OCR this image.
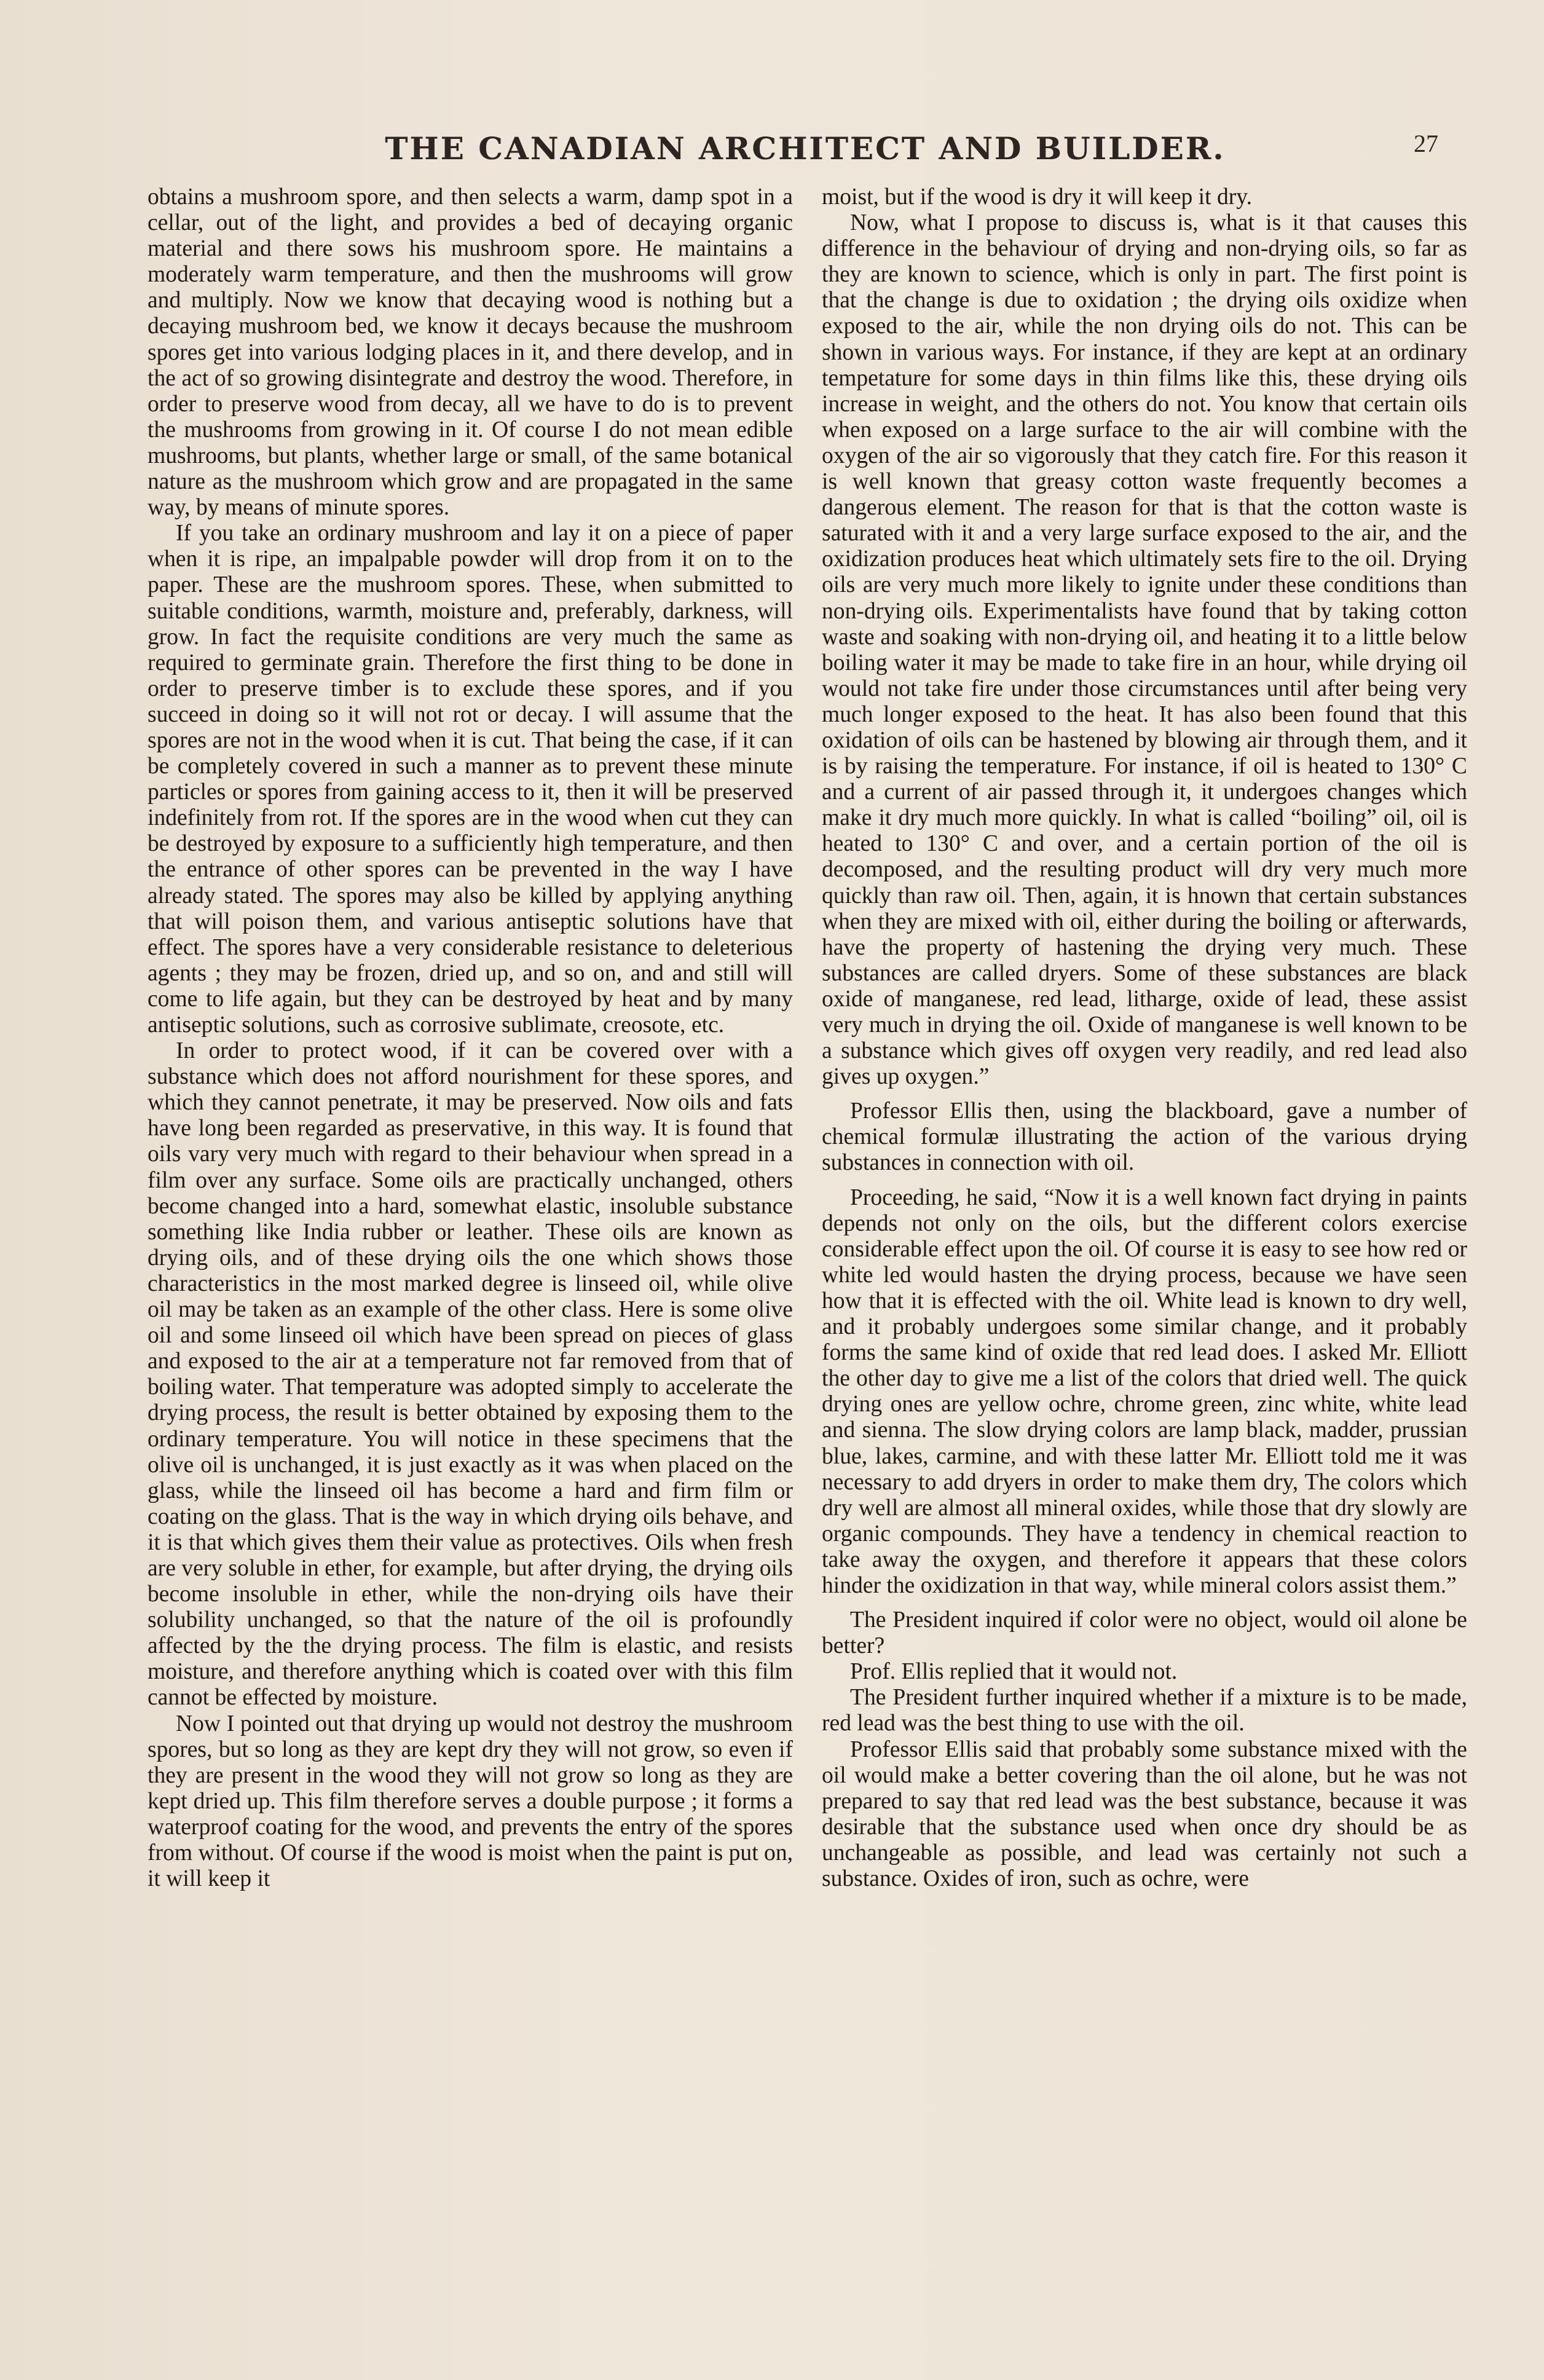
THE CANADIAN ARCHITECT AND BUILDER.	27

obtains a mushroom spore, and then selects a warm, damp spot in a cellar, out of the light, and provides a bed of decaying organic material and there sows his mushroom spore. He maintains a moderately warm temperature, and then the mushrooms will grow and multiply. Now we know that decaying wood is nothing but a decaying mushroom bed, we know it decays because the mushroom spores get into various lodging places in it, and there develop, and in the act of so growing disintegrate and destroy the wood. Therefore, in order to preserve wood from decay, all we have to do is to prevent the mushrooms from growing in it. Of course I do not mean edible mushrooms, but plants, whether large or small, of the same botanical nature as the mushroom which grow and are propagated in the same way, by means of minute spores.

If you take an ordinary mushroom and lay it on a piece of paper when it is ripe, an impalpable powder will drop from it on to the paper. These are the mushroom spores. These, when submitted to suitable conditions, warmth, moisture and, preferably, darkness, will grow. In fact the requisite conditions are very much the same as required to germinate grain. Therefore the first thing to be done in order to preserve timber is to exclude these spores, and if you succeed in doing so it will not rot or decay. I will assume that the spores are not in the wood when it is cut. That being the case, if it can be completely covered in such a manner as to prevent these minute particles or spores from gaining access to it, then it will be preserved indefinitely from rot. If the spores are in the wood when cut they can be destroyed by exposure to a sufficiently high temperature, and then the entrance of other spores can be prevented in the way I have already stated. The spores may also be killed by applying anything that will poison them, and various antiseptic solutions have that effect. The spores have a very considerable resistance to deleterious agents ; they may be frozen, dried up, and so on, and and still will come to life again, but they can be destroyed by heat and by many antiseptic solutions, such as corrosive sublimate, creosote, etc.

In order to protect wood, if it can be covered over with a substance which does not afford nourishment for these spores, and which they cannot penetrate, it may be preserved. Now oils and fats have long been regarded as preservative, in this way. It is found that oils vary very much with regard to their behaviour when spread in a film over any surface. Some oils are practically unchanged, others become changed into a hard, somewhat elastic, insoluble substance something like India rubber or leather. These oils are known as drying oils, and of these drying oils the one which shows those characteristics in the most marked degree is linseed oil, while olive oil may be taken as an example of the other class. Here is some olive oil and some linseed oil which have been spread on pieces of glass and exposed to the air at a temperature not far removed from that of boiling water. That temperature was adopted simply to accelerate the drying process, the result is better obtained by exposing them to the ordinary temperature. You will notice in these specimens that the olive oil is unchanged, it is just exactly as it was when placed on the glass, while the linseed oil has become a hard and firm film or coating on the glass. That is the way in which drying oils behave, and it is that which gives them their value as protectives. Oils when fresh are very soluble in ether, for example, but after drying, the drying oils become insoluble in ether, while the non-drying oils have their solubility unchanged, so that the nature of the oil is profoundly affected by the the drying process. The film is elastic, and resists moisture, and therefore anything which is coated over with this film cannot be effected by moisture.

Now I pointed out that drying up would not destroy the mushroom spores, but so long as they are kept dry they will not grow, so even if they are present in the wood they will not grow so long as they are kept dried up. This film therefore serves a double purpose ; it forms a waterproof coating for the wood, and prevents the entry of the spores from without. Of course if the wood is moist when the paint is put on, it will keep it

moist, but if the wood is dry it will keep it dry.

Now, what I propose to discuss is, what is it that causes this difference in the behaviour of drying and non-drying oils, so far as they are known to science, which is only in part. The first point is that the change is due to oxidation ; the drying oils oxidize when exposed to the air, while the non drying oils do not. This can be shown in various ways. For instance, if they are kept at an ordinary tempetature for some days in thin films like this, these drying oils increase in weight, and the others do not. You know that certain oils when exposed on a large surface to the air will combine with the oxygen of the air so vigorously that they catch fire. For this reason it is well known that greasy cotton waste frequently becomes a dangerous element. The reason for that is that the cotton waste is saturated with it and a very large surface exposed to the air, and the oxidization produces heat which ultimately sets fire to the oil. Drying oils are very much more likely to ignite under these conditions than non-drying oils. Experimentalists have found that by taking cotton waste and soaking with non-drying oil, and heating it to a little below boiling water it may be made to take fire in an hour, while drying oil would not take fire under those circumstances until after being very much longer exposed to the heat. It has also been found that this oxidation of oils can be hastened by blowing air through them, and it is by raising the temperature. For instance, if oil is heated to 130° C and a current of air passed through it, it undergoes changes which make it dry much more quickly. In what is called “boiling” oil, oil is heated to 130° C and over, and a certain portion of the oil is decomposed, and the resulting product will dry very much more quickly than raw oil. Then, again, it is hnown that certain substances when they are mixed with oil, either during the boiling or afterwards, have the property of hastening the drying very much. These substances are called dryers. Some of these substances are black oxide of manganese, red lead, litharge, oxide of lead, these assist very much in drying the oil. Oxide of manganese is well known to be a substance which gives off oxygen very readily, and red lead also gives up oxygen.”

Professor Ellis then, using the blackboard, gave a number of chemical formulæ illustrating the action of the various drying substances in connection with oil.

Proceeding, he said, “Now it is a well known fact drying in paints depends not only on the oils, but the different colors exercise considerable effect upon the oil. Of course it is easy to see how red or white led would hasten the drying process, because we have seen how that it is effected with the oil. White lead is known to dry well, and it probably undergoes some similar change, and it probably forms the same kind of oxide that red lead does. I asked Mr. Elliott the other day to give me a list of the colors that dried well. The quick drying ones are yellow ochre, chrome green, zinc white, white lead and sienna. The slow drying colors are lamp black, madder, prussian blue, lakes, carmine, and with these latter Mr. Elliott told me it was necessary to add dryers in order to make them dry, The colors which dry well are almost all mineral oxides, while those that dry slowly are organic compounds. They have a tendency in chemical reaction to take away the oxygen, and therefore it appears that these colors hinder the oxidization in that way, while mineral colors assist them.”

The President inquired if color were no object, would oil alone be better?

Prof. Ellis replied that it would not.

The President further inquired whether if a mixture is to be made, red lead was the best thing to use with the oil.

Professor Ellis said that probably some substance mixed with the oil would make a better covering than the oil alone, but he was not prepared to say that red lead was the best substance, because it was desirable that the substance used when once dry should be as unchangeable as possible, and lead was certainly not such a substance. Oxides of iron, such as ochre, were
